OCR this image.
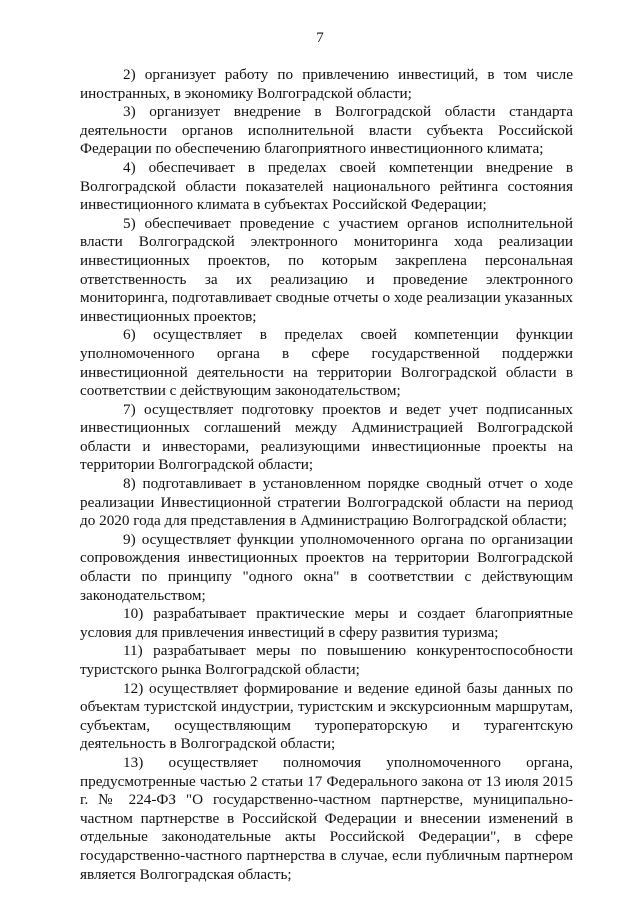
7

2) организует работу по привлечению инвестиций, в том числе иностранных, в экономику Волгоградской области;

3) организует внедрение в Волгоградской области стандарта деятельности органов исполнительной власти субъекта Российской Федерации по обеспечению благоприятного инвестиционного климата;

4) обеспечивает в пределах своей компетенции внедрение в Волгоградской области показателей национального рейтинга состояния инвестиционного климата в субъектах Российской Федерации;

5) обеспечивает проведение с участием органов исполнительной власти Волгоградской электронного мониторинга хода реализации инвестиционных проектов, по которым закреплена персональная ответственность за их реализацию и проведение электронного мониторинга, подготавливает сводные отчеты о ходе реализации указанных инвестиционных проектов;

6) осуществляет в пределах своей компетенции функции уполномоченного органа в сфере государственной поддержки инвестиционной деятельности на территории Волгоградской области в соответствии с действующим законодательством;

7) осуществляет подготовку проектов и ведет учет подписанных инвестиционных соглашений между Администрацией Волгоградской области и инвесторами, реализующими инвестиционные проекты на территории Волгоградской области;

8) подготавливает в установленном порядке сводный отчет о ходе реализации Инвестиционной стратегии Волгоградской области на период до 2020 года для представления в Администрацию Волгоградской области;

9) осуществляет функции уполномоченного органа по организации сопровождения инвестиционных проектов на территории Волгоградской области по принципу "одного окна" в соответствии с действующим законодательством;

10) разрабатывает практические меры и создает благоприятные условия для привлечения инвестиций в сферу развития туризма;

11) разрабатывает меры по повышению конкурентоспособности туристского рынка Волгоградской области;

12) осуществляет формирование и ведение единой базы данных по объектам туристской индустрии, туристским и экскурсионным маршрутам, субъектам, осуществляющим туроператорскую и турагентскую деятельность в Волгоградской области;

13) осуществляет полномочия уполномоченного органа, предусмотренные частью 2 статьи 17 Федерального закона от 13 июля 2015 г. № 224-ФЗ "О государственно-частном партнерстве, муниципально-частном партнерстве в Российской Федерации и внесении изменений в отдельные законодательные акты Российской Федерации", в сфере государственно-частного партнерства в случае, если публичным партнером является Волгоградская область;
